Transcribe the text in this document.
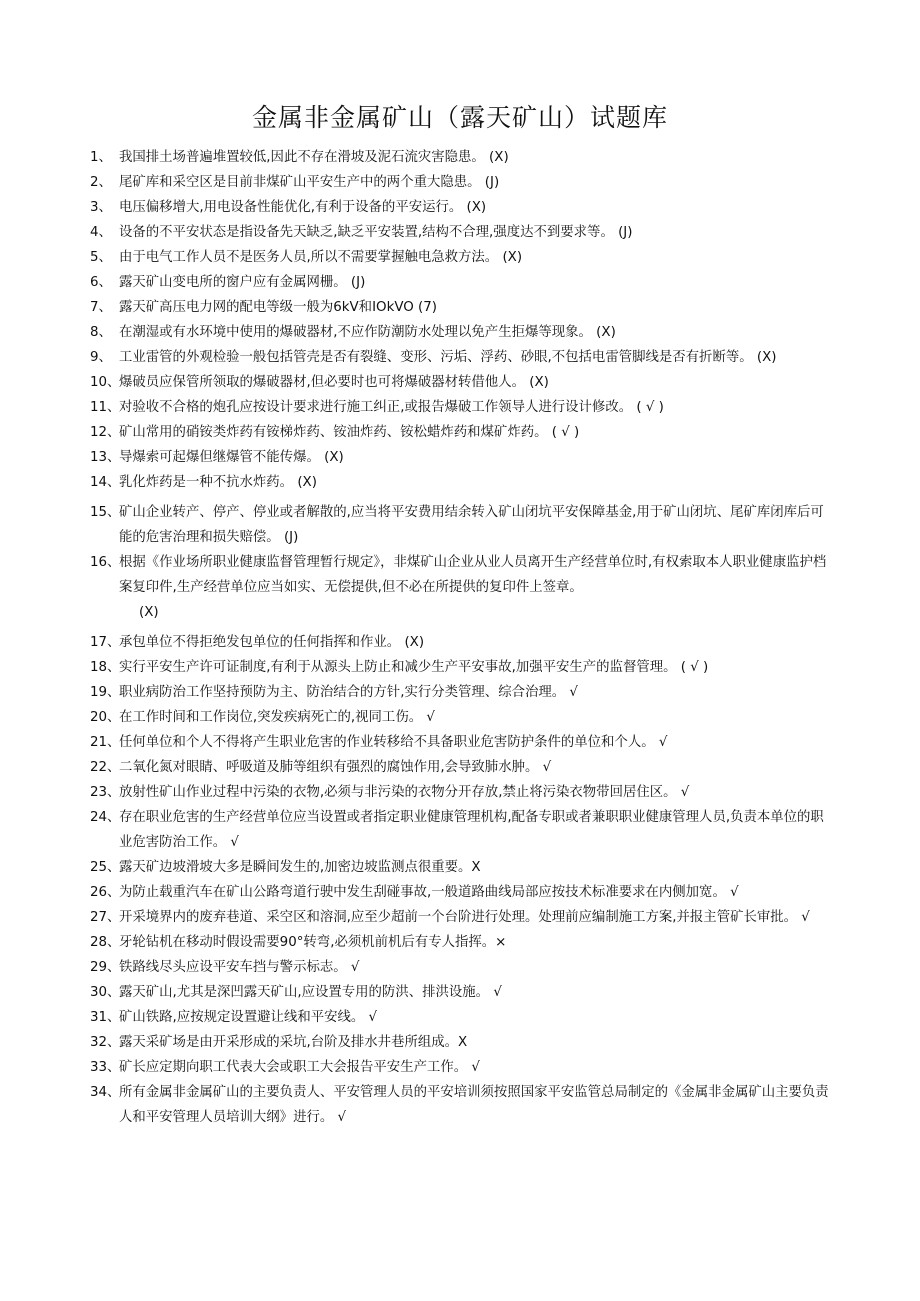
金属非金属矿山（露天矿山）试题库
1、 我国排土场普遍堆置较低,因此不存在滑坡及泥石流灾害隐患。 (X)
2、 尾矿库和采空区是目前非煤矿山平安生产中的两个重大隐患。 (J)
3、 电压偏移增大,用电设备性能优化,有利于设备的平安运行。 (X)
4、 设备的不平安状态是指设备先天缺乏,缺乏平安装置,结构不合理,强度达不到要求等。 (J)
5、 由于电气工作人员不是医务人员,所以不需要掌握触电急救方法。 (X)
6、 露天矿山变电所的窗户应有金属网栅。 (J)
7、 露天矿高压电力网的配电等级一般为6kV和IOkVO (7)
8、 在潮湿或有水环境中使用的爆破器材,不应作防潮防水处理以免产生拒爆等现象。 (X)
9、 工业雷管的外观检验一般包括管壳是否有裂缝、变形、污垢、浮药、砂眼,不包括电雷管脚线是否有折断等。 (X)
10、
爆破员应保管所领取的爆破器材,但必要时也可将爆破器材转借他人。 (X)
11、
对验收不合格的炮孔应按设计要求进行施工纠正,或报告爆破工作领导人进行设计修改。 ( √ )
12、
矿山常用的硝铵类炸药有铵梯炸药、铵油炸药、铵松蜡炸药和煤矿炸药。 ( √ )
13、
导爆索可起爆但继爆管不能传爆。 (X)
14、
乳化炸药是一种不抗水炸药。 (X)
15、
矿山企业转产、停产、停业或者解散的,应当将平安费用结余转入矿山闭坑平安保障基金,用于矿山闭坑、尾矿库闭库后可能的危害治理和损失赔偿。 (J)
16、
根据《作业场所职业健康监督管理暂行规定》，非煤矿山企业从业人员离开生产经营单位时,有权索取本人职业健康监护档案复印件,生产经营单位应当如实、无偿提供,但不必在所提供的复印件上签章。
(X)
17、
承包单位不得拒绝发包单位的任何指挥和作业。 (X)
18、
实行平安生产许可证制度,有利于从源头上防止和减少生产平安事故,加强平安生产的监督管理。 ( √ )
19、
职业病防治工作坚持预防为主、防治结合的方针,实行分类管理、综合治理。 √
20、
在工作时间和工作岗位,突发疾病死亡的,视同工伤。 √
21、
任何单位和个人不得将产生职业危害的作业转移给不具备职业危害防护条件的单位和个人。 √
22、
二氧化氮对眼睛、呼吸道及肺等组织有强烈的腐蚀作用,会导致肺水肿。 √
23、
放射性矿山作业过程中污染的衣物,必须与非污染的衣物分开存放,禁止将污染衣物带回居住区。 √
24、
存在职业危害的生产经营单位应当设置或者指定职业健康管理机构,配备专职或者兼职职业健康管理人员,负责本单位的职业危害防治工作。 √
25、
露天矿边坡滑坡大多是瞬间发生的,加密边坡监测点很重要。X
26、
为防止载重汽车在矿山公路弯道行驶中发生刮碰事故,一般道路曲线局部应按技术标准要求在内侧加宽。 √
27、
开采境界内的废弃巷道、采空区和溶洞,应至少超前一个台阶进行处理。处理前应编制施工方案,并报主管矿长审批。 √
28、
牙轮钻机在移动时假设需要90°转弯,必须机前机后有专人指挥。×
29、
铁路线尽头应设平安车挡与警示标志。 √
30、
露天矿山,尤其是深凹露天矿山,应设置专用的防洪、排洪设施。 √
31、
矿山铁路,应按规定设置避让线和平安线。 √
32、
露天采矿场是由开采形成的采坑,台阶及排水井巷所组成。X
33、
矿长应定期向职工代表大会或职工大会报告平安生产工作。 √
34、
所有金属非金属矿山的主要负责人、平安管理人员的平安培训须按照国家平安监管总局制定的《金属非金属矿山主要负责人和平安管理人员培训大纲》进行。 √
